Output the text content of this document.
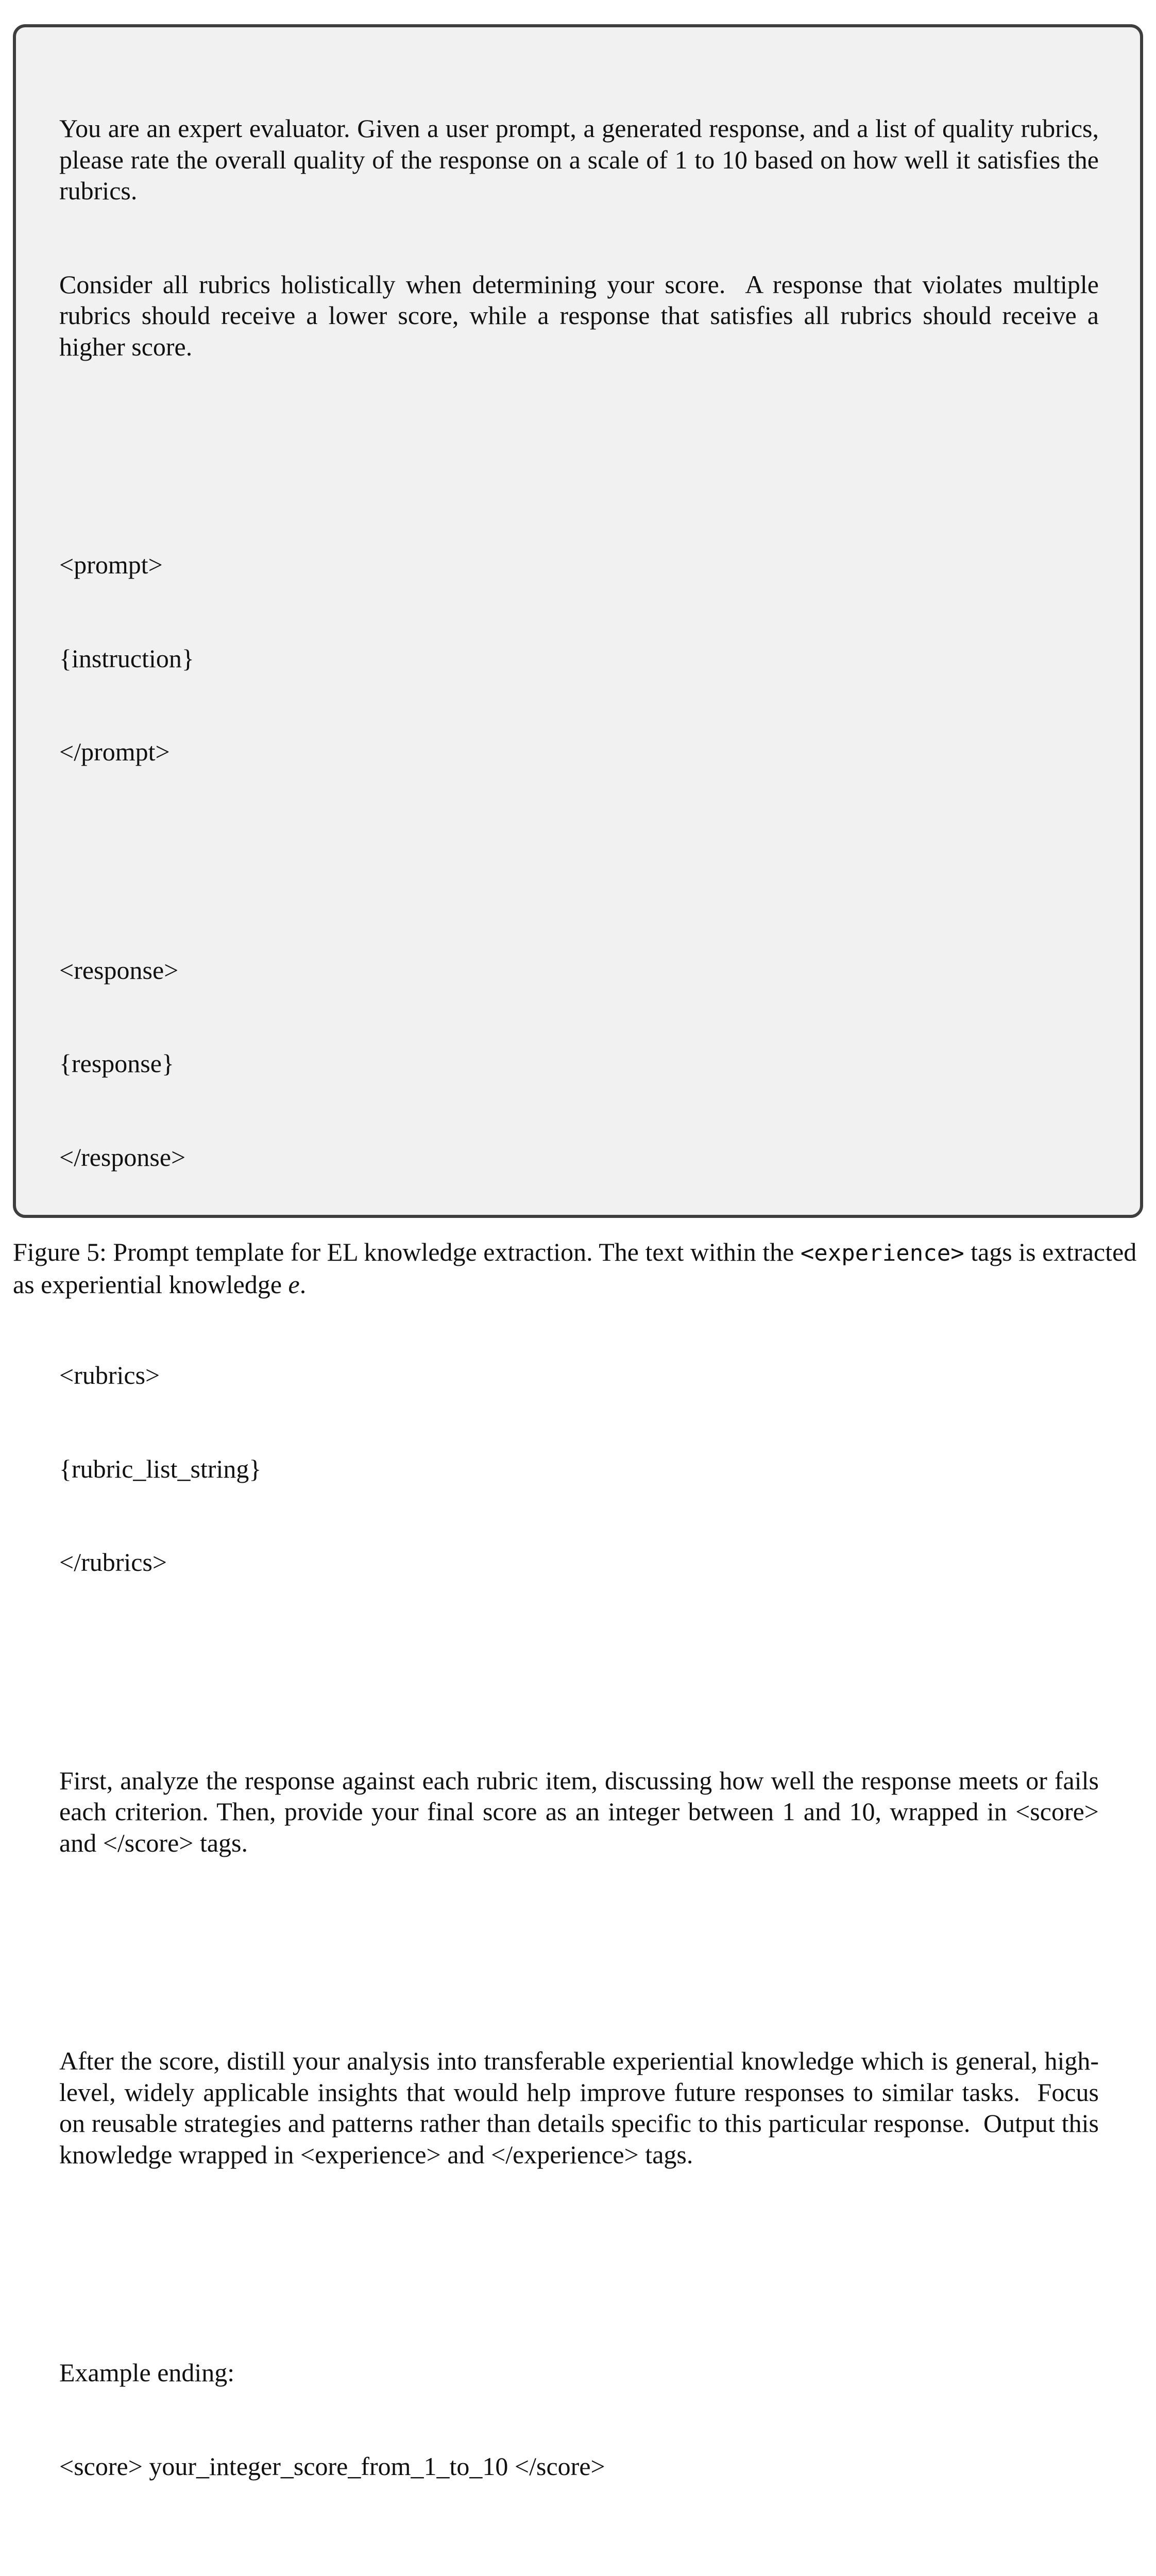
You are an expert evaluator. Given a user prompt, a generated response, and a list of quality rubrics, please rate the overall quality of the response on a scale of 1 to 10 based on how well it satisfies the rubrics.

Consider all rubrics holistically when determining your score.  A response that violates multiple rubrics should receive a lower score, while a response that satisfies all rubrics should receive a higher score.

<prompt>

{instruction}

</prompt>

<response>

{response}

</response>

<rubrics>

{rubric_list_string}

</rubrics>

First, analyze the response against each rubric item, discussing how well the response meets or fails each criterion. Then, provide your final score as an integer between 1 and 10, wrapped in <score> and </score> tags.

After the score, distill your analysis into transferable experiential knowledge which is general, high-level, widely applicable insights that would help improve future responses to similar tasks.  Focus on reusable strategies and patterns rather than details specific to this particular response.  Output this knowledge wrapped in <experience> and </experience> tags.

Example ending:

<score> your_integer_score_from_1_to_10 </score>

Figure 5: Prompt template for EL knowledge extraction. The text within the <experience> tags is extracted as experiential knowledge e.
